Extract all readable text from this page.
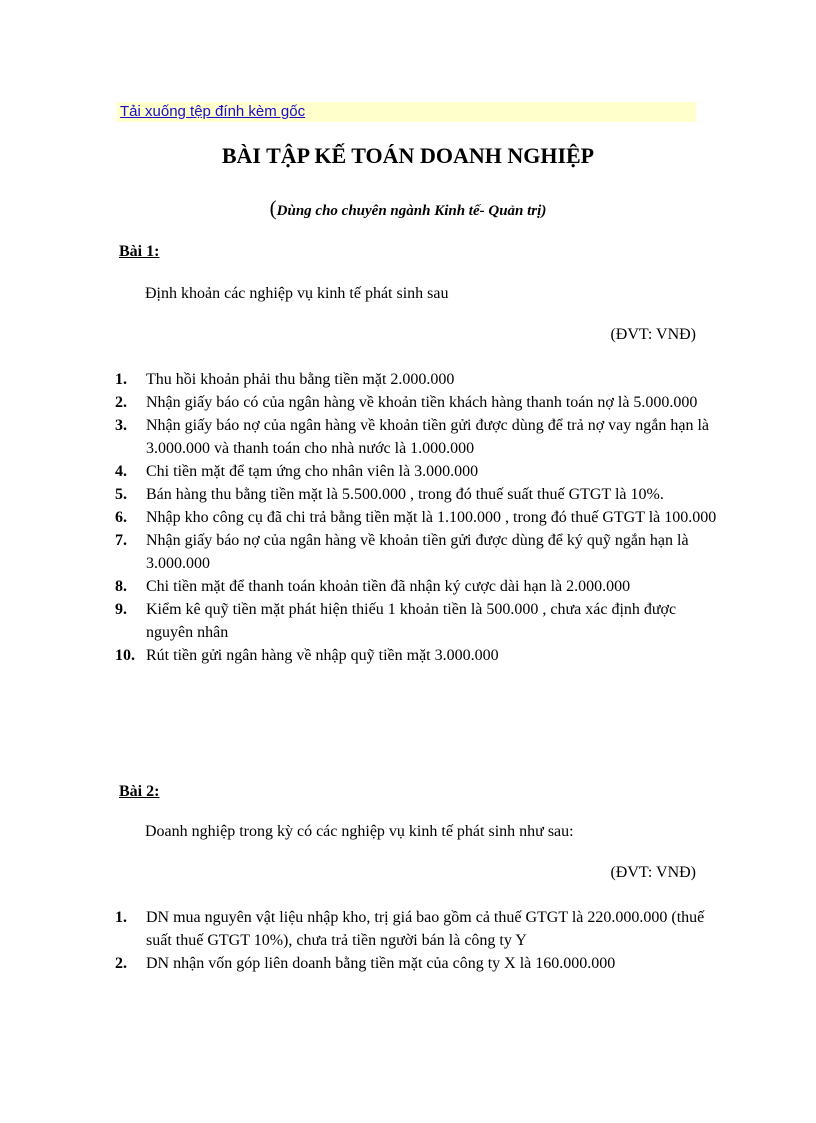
Tải xuống tệp đính kèm gốc
BÀI TẬP KẾ TOÁN DOANH NGHIỆP
(Dùng cho chuyên ngành Kinh tế- Quản trị)
Bài 1:
Định khoản các nghiệp vụ kinh tế phát sinh sau
(ĐVT: VNĐ)
1.	Thu hồi khoản phải thu bằng tiền mặt 2.000.000
2.	Nhận giấy báo có của ngân hàng về khoản tiền khách hàng thanh toán nợ là 5.000.000
3.	Nhận giấy báo nợ của ngân hàng về khoản tiền gửi được dùng để trả nợ vay ngắn hạn là 3.000.000 và thanh toán cho nhà nước là 1.000.000
4.	Chi tiền mặt để tạm ứng cho nhân viên là 3.000.000
5.	Bán hàng thu bằng tiền mặt là 5.500.000 , trong đó thuế suất thuế GTGT là 10%.
6.	Nhập kho công cụ đã chi trả bằng tiền mặt là 1.100.000 , trong đó thuế GTGT là 100.000
7.	Nhận giấy báo nợ của ngân hàng về khoản tiền gửi được dùng để ký quỹ ngắn hạn là 3.000.000
8.	Chi tiền mặt để thanh toán khoản tiền đã nhận ký cược dài hạn là 2.000.000
9.	Kiểm kê quỹ tiền mặt phát hiện thiếu 1 khoản tiền là 500.000 , chưa xác định được nguyên nhân
10. Rút tiền gửi ngân hàng về nhập quỹ tiền mặt 3.000.000
Bài 2:
Doanh nghiệp trong kỳ có các nghiệp vụ kinh tế phát sinh như sau:
(ĐVT: VNĐ)
1.	DN mua nguyên vật liệu nhập kho, trị giá bao gồm cả thuế GTGT là 220.000.000 (thuế suất thuế GTGT 10%), chưa trả tiền người bán là công ty Y
2.	DN nhận vốn góp liên doanh bằng tiền mặt của công ty X là 160.000.000
